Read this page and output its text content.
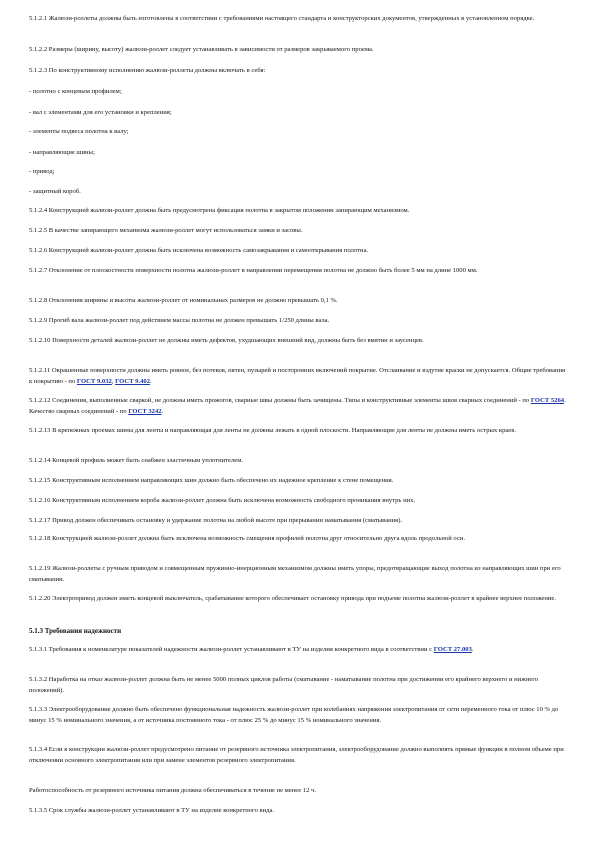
5.1.2.1 Жалюзи-роллеты должны быть изготовлены в соответствии с требованиями настоящего стандарта и конструкторских документов, утвержденных в установленном порядке.

5.1.2.2 Размеры (ширину, высоту) жалюзи-роллет следует устанавливать в зависимости от размеров закрываемого проема.

5.1.2.3 По конструктивному исполнению жалюзи-роллеты должны включать в себя:

- полотно с концевым профилем;

- вал с элементами для его установки и крепления;

- элементы подвеса полотна к валу;

- направляющие шины;

- привод;

- защитный короб.

5.1.2.4 Конструкцией жалюзи-роллет должна быть предусмотрена фиксация полотна в закрытом положении запирающим механизмом.

5.1.2.5 В качестве запирающего механизма жалюзи-роллет могут использоваться замки и засовы.

5.1.2.6 Конструкцией жалюзи-роллет должна быть исключена возможность самозакрывания и самооткрывания полотна.

5.1.2.7 Отклонение от плоскостности поверхности полотна жалюзи-роллет в направлении перемещения полотна не должно быть более 5 мм на длине 1000 мм.

5.1.2.8 Отклонения ширины и высоты жалюзи-роллет от номинальных размеров не должно превышать 0,1 %.

5.1.2.9 Прогиб вала жалюзи-роллет под действием массы полотна не должен превышать 1/250 длины вала.

5.1.2.10 Поверхности деталей жалюзи-роллет не должны иметь дефектов, ухудшающих внешний вид, должны быть без вмятин и заусенцев.

5.1.2.11 Окрашенные поверхности должны иметь ровное, без потеков, пятен, пузырей и посторонних включений покрытие. Отслаивание и вздутие краски не допускается. Общие требования к покрытию - по ГОСТ 9.032, ГОСТ 9.402.

5.1.2.12 Соединения, выполненные сваркой, не должны иметь прожогов, сварные швы должны быть зачищены. Типы и конструктивные элементы швов сварных соединений - по ГОСТ 5264. Качество сварных соединений - по ГОСТ 3242.

5.1.2.13 В крепежных проемах шины для ленты и направляющая для ленты не должны лежать в одной плоскости. Направляющие для ленты не должны иметь острых краев.

5.1.2.14 Концевой профиль может быть снабжен эластичным уплотнителем.

5.1.2.15 Конструктивным исполнением направляющих шин должно быть обеспечено их надежное крепление к стене помещения.

5.1.2.16 Конструктивным исполнением короба жалюзи-роллет должна быть исключена возможность свободного проникания внутрь них.

5.1.2.17 Привод должен обеспечивать остановку и удержание полотна на любой высоте при прерывании наматывания (сматывания).

5.1.2.18 Конструкцией жалюзи-роллет должна быть исключена возможность смещения профилей полотна друг относительно друга вдоль продольной оси.

5.1.2.19 Жалюзи-роллеты с ручным приводом и совмещенным пружинно-инерционным механизмом должны иметь упоры, предотвращающие выход полотна из направляющих шин при его сматывании.

5.1.2.20 Электропривод должен иметь концевой выключатель, срабатывание которого обеспечивает остановку привода при подъеме полотна жалюзи-роллет в крайнее верхнее положение.

5.1.3 Требования надежности

5.1.3.1 Требования к номенклатуре показателей надежности жалюзи-роллет устанавливают в ТУ на изделия конкретного вида в соответствии с ГОСТ 27.003.

5.1.3.2 Наработка на отказ жалюзи-роллет должна быть не менее 5000 полных циклов работы (сматывание - наматывание полотна при достижении его крайнего верхнего и нижнего положений).

5.1.3.3 Электрооборудование должно быть обеспечено функциональная надежность жалюзи-роллет при колебаниях напряжения электропитания от сети переменного тока от плюс 10 % до минус 15 % номинального значения, а от источника постоянного тока - от плюс 25 % до минус 15 % номинального значения.

5.1.3.4 Если в конструкции жалюзи-роллет предусмотрено питание от резервного источника электропитания, электрооборудование должно выполнять прямые функции в полном объеме при отключении основного электропитания или при замене элементов резервного электропитания.

Работоспособность от резервного источника питания должна обеспечиваться в течение не менее 12 ч.

5.1.3.5 Срок службы жалюзи-роллет устанавливают в ТУ на изделие конкретного вида.
